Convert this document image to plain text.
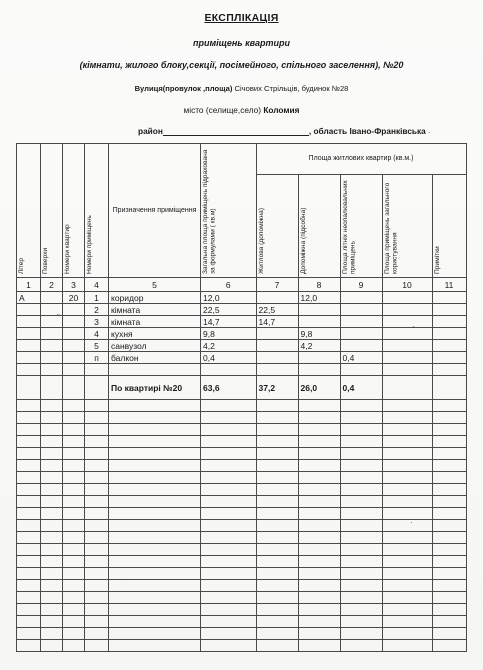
ЕКСПЛІКАЦІЯ
приміщень квартири
(кімнати, жилого блоку,секції, посімейного, спільного заселення), №20
Вулиця(провулок ,площа) Січових Стрільців, будинок №28
місто (селище,село) Коломия
район	, область Івано-Франківська
Літер	Поверхи	Номери квартир	Номери приміщень	Призначення приміщення	Загальна площа приміщень підрахована за формулами ( кв.м)	Площа житлових квартир (кв.м.)				

						Житлова (допоміжна)	Допоміжна (підсобна)	Площа літніх неопалювальних приміщень	Площа приміщень загального користування	Примітки

1	2	3	4	5	6	7	8	9	10	11
А		20	1	коридор	12,0		12,0			
			2	кімната	22,5	22,5				
			3	кімната	14,7	14,7				
			4	кухня	9,8		9,8			
			5	санвузол	4,2		4,2			
			п	балкон	0,4			0,4		

				По квартирі №20	63,6	37,2	26,0	0,4		

"
·
·
.
